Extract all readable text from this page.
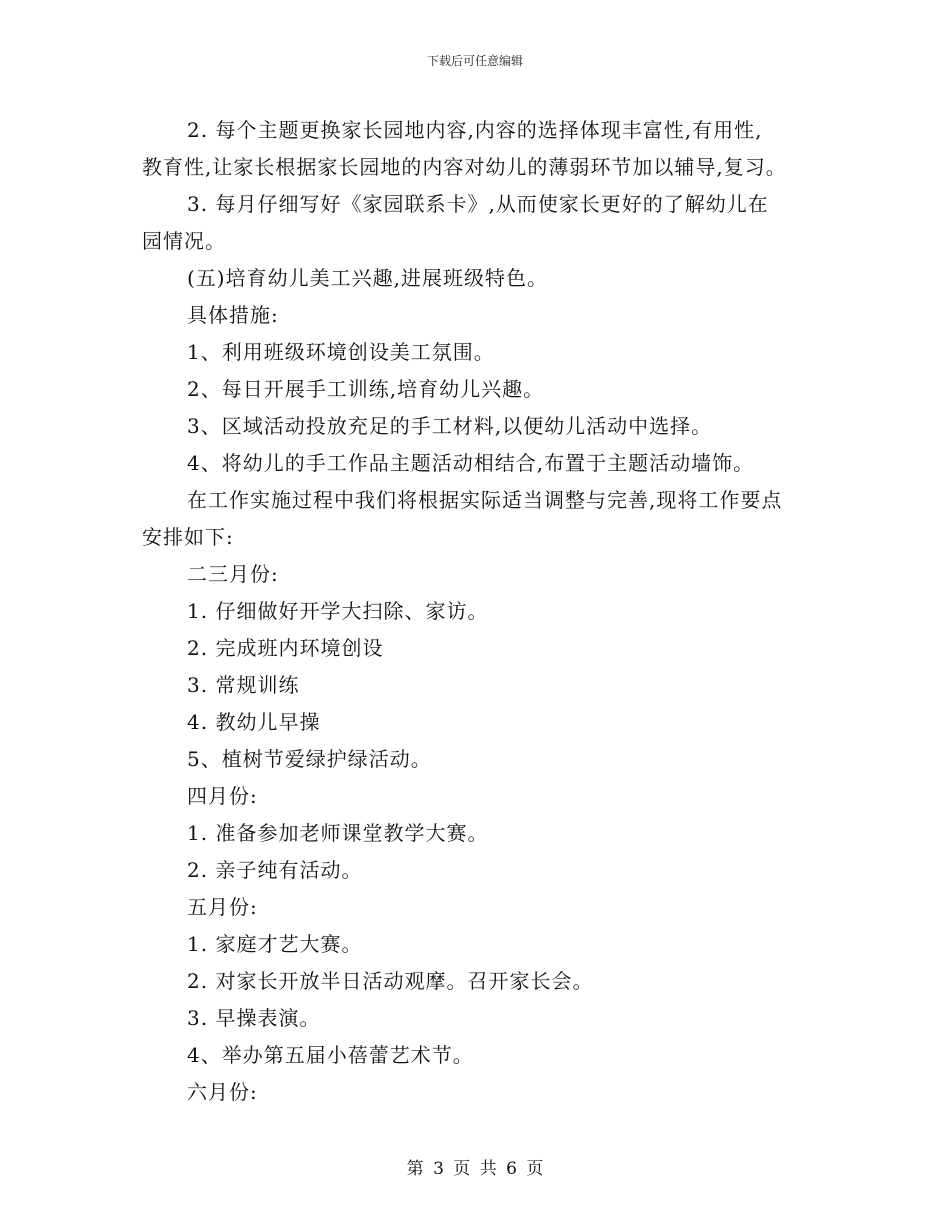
下载后可任意编辑
2. 每个主题更换家长园地内容,内容的选择体现丰富性,有用性,
教育性,让家长根据家长园地的内容对幼儿的薄弱环节加以辅导,复习。
3. 每月仔细写好《家园联系卡》,从而使家长更好的了解幼儿在
园情况。
(五)培育幼儿美工兴趣,进展班级特色。
具体措施:
1、利用班级环境创设美工氛围。
2、每日开展手工训练,培育幼儿兴趣。
3、区域活动投放充足的手工材料,以便幼儿活动中选择。
4、将幼儿的手工作品主题活动相结合,布置于主题活动墙饰。
在工作实施过程中我们将根据实际适当调整与完善,现将工作要点
安排如下:
二三月份:
1. 仔细做好开学大扫除、家访。
2. 完成班内环境创设
3. 常规训练
4. 教幼儿早操
5、植树节爱绿护绿活动。
四月份:
1. 准备参加老师课堂教学大赛。
2. 亲子纯有活动。
五月份:
1. 家庭才艺大赛。
2. 对家长开放半日活动观摩。召开家长会。
3. 早操表演。
4、举办第五届小蓓蕾艺术节。
六月份:
第 3 页 共 6 页
